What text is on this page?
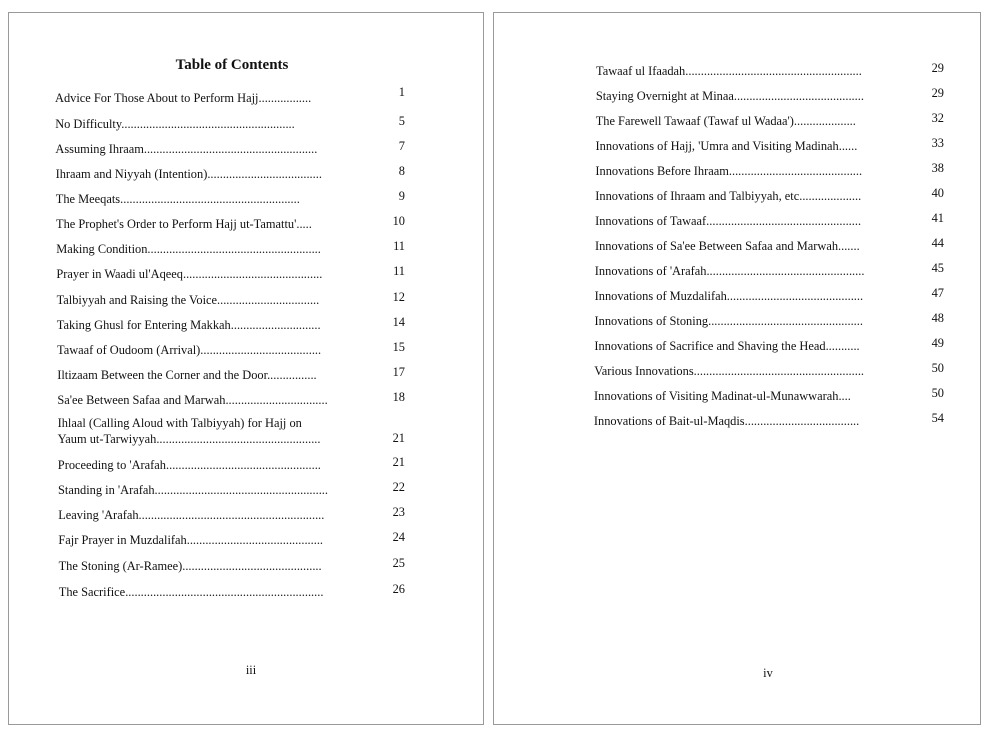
Table of Contents
Advice For Those About to Perform Hajj.................	1
No Difficulty........................................................	5
Assuming Ihraam........................................................	7
Ihraam and Niyyah (Intention).....................................	8
The Meeqats..........................................................	9
The Prophet's Order to Perform Hajj ut-Tamattu'.....	10
Making Condition........................................................	11
Prayer in Waadi ul'Aqeeq.............................................	11
Talbiyyah and Raising the Voice.................................	12
Taking Ghusl for Entering Makkah.............................	14
Tawaaf of Oudoom (Arrival).......................................	15
Iltizaam Between the Corner and the Door................	17
Sa'ee Between Safaa and Marwah.................................	18
Ihlaal (Calling Aloud with Talbiyyah) for Hajj on
Yaum ut-Tarwiyyah.....................................................	21
Proceeding to 'Arafah..................................................	21
Standing in 'Arafah........................................................	22
Leaving 'Arafah............................................................	23
Fajr Prayer in Muzdalifah............................................	24
The Stoning (Ar-Ramee).............................................	25
The Sacrifice................................................................	26
iii
Tawaaf ul Ifaadah.........................................................	29
Staying Overnight at Minaa..........................................	29
The Farewell Tawaaf (Tawaf ul Wadaa')....................	32
Innovations of Hajj, 'Umra and Visiting Madinah......	33
Innovations Before Ihraam...........................................	38
Innovations of Ihraam and Talbiyyah, etc....................	40
Innovations of Tawaaf..................................................	41
Innovations of Sa'ee Between Safaa and Marwah.......	44
Innovations of 'Arafah...................................................	45
Innovations of Muzdalifah............................................	47
Innovations of Stoning..................................................	48
Innovations of Sacrifice and Shaving the Head...........	49
Various Innovations.......................................................	50
Innovations of Visiting Madinat-ul-Munawwarah....	50
Innovations of Bait-ul-Maqdis.....................................	54
iv
